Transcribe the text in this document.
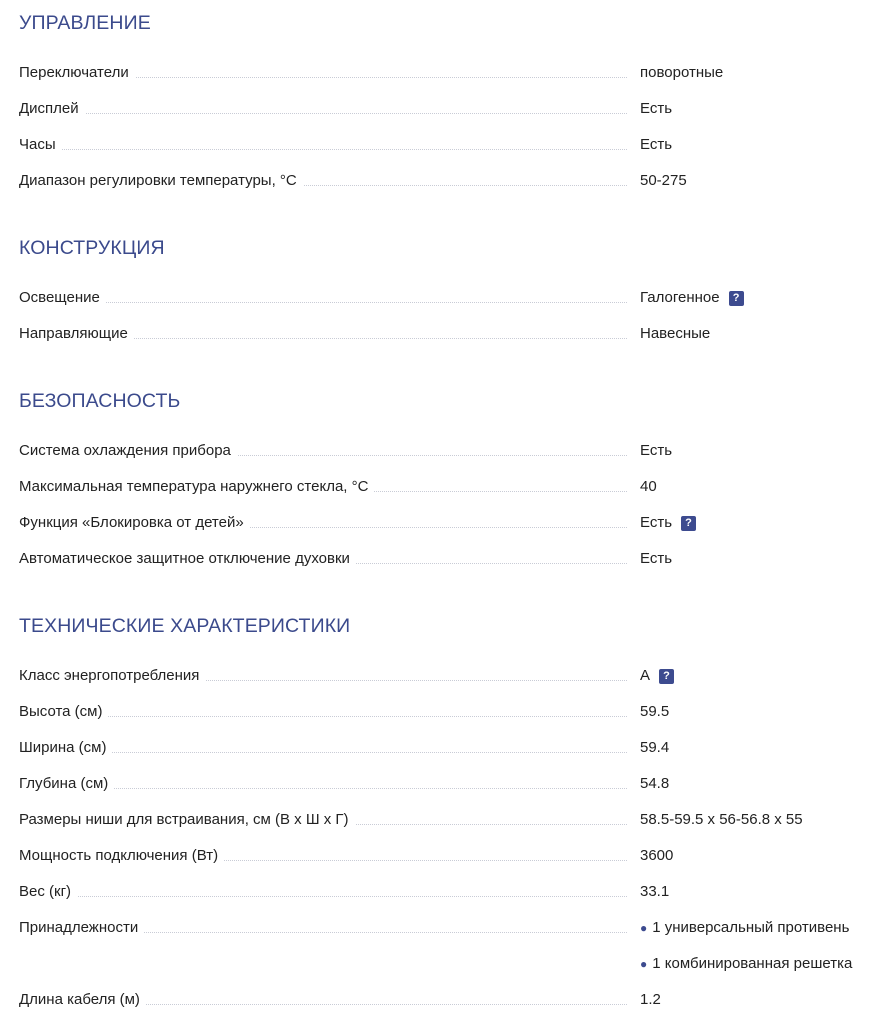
УПРАВЛЕНИЕ
Переключатели	поворотные
Дисплей	Есть
Часы	Есть
Диапазон регулировки температуры, °C	50-275
КОНСТРУКЦИЯ
Освещение	Галогенное	?
Направляющие	Навесные
БЕЗОПАСНОСТЬ
Система охлаждения прибора	Есть
Максимальная температура наружнего стекла, °C	40
Функция «Блокировка от детей»	Есть	?
Автоматическое защитное отключение духовки	Есть
ТЕХНИЧЕСКИЕ ХАРАКТЕРИСТИКИ
Класс энергопотребления	A	?
Высота (см)	59.5
Ширина (см)	59.4
Глубина (см)	54.8
Размеры ниши для встраивания, см (В х Ш х Г)	58.5-59.5 x 56-56.8 x 55
Мощность подключения (Вт)	3600
Вес (кг)	33.1
Принадлежности	● 1 универсальный противень
● 1 комбинированная решетка
Длина кабеля (м)	1.2
